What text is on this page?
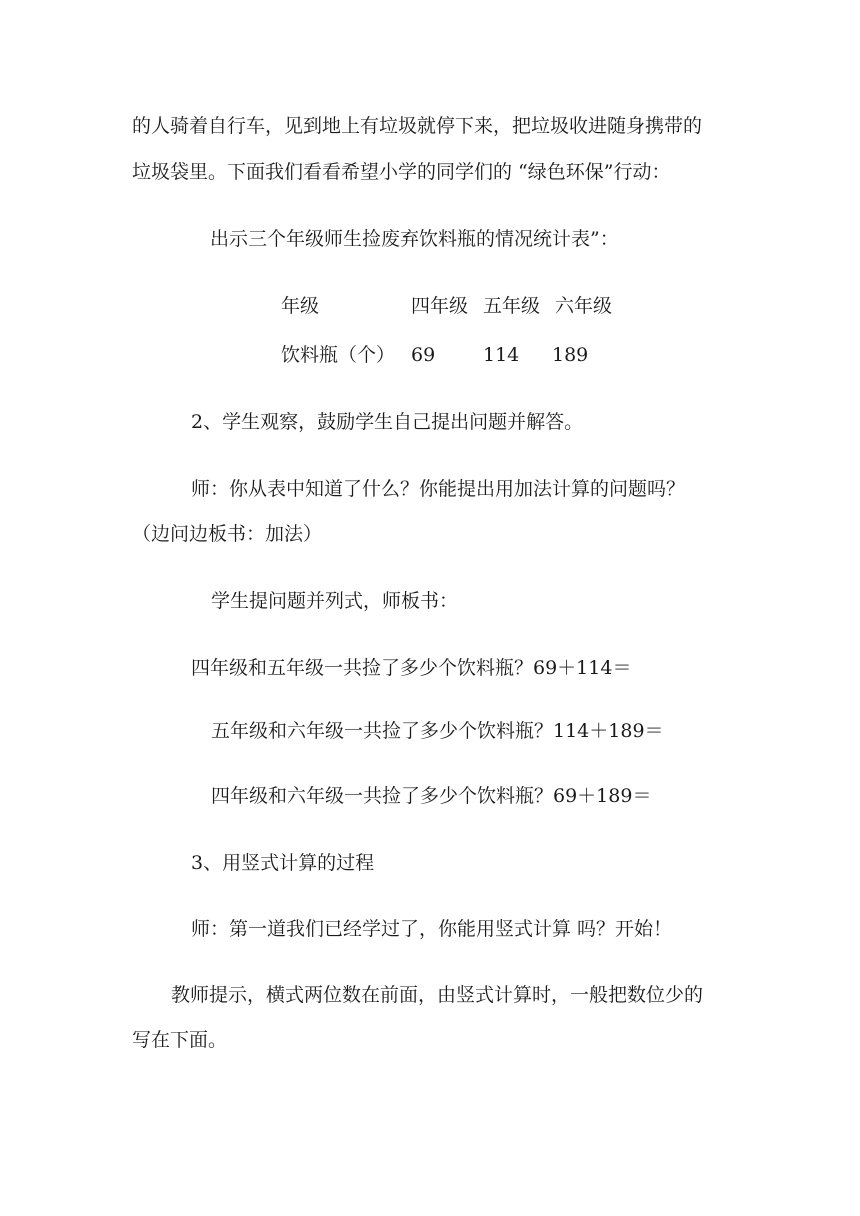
的人骑着自行车，见到地上有垃圾就停下来，把垃圾收进随身携带的
垃圾袋里。下面我们看看希望小学的同学们的 “绿色环保”行动：
出示三个年级师生捡废弃饮料瓶的情况统计表”：
年级	四年级 五年级 六年级
饮料瓶（个） 69	114 189
2、学生观察，鼓励学生自己提出问题并解答。
师：你从表中知道了什么？你能提出用加法计算的问题吗？
（边问边板书：加法）
学生提问题并列式，师板书：
四年级和五年级一共捡了多少个饮料瓶？69＋114＝
五年级和六年级一共捡了多少个饮料瓶？114＋189＝
四年级和六年级一共捡了多少个饮料瓶？69＋189＝
3、用竖式计算的过程
师：第一道我们已经学过了，你能用竖式计算 吗？开始！
教师提示，横式两位数在前面，由竖式计算时，一般把数位少的
写在下面。
